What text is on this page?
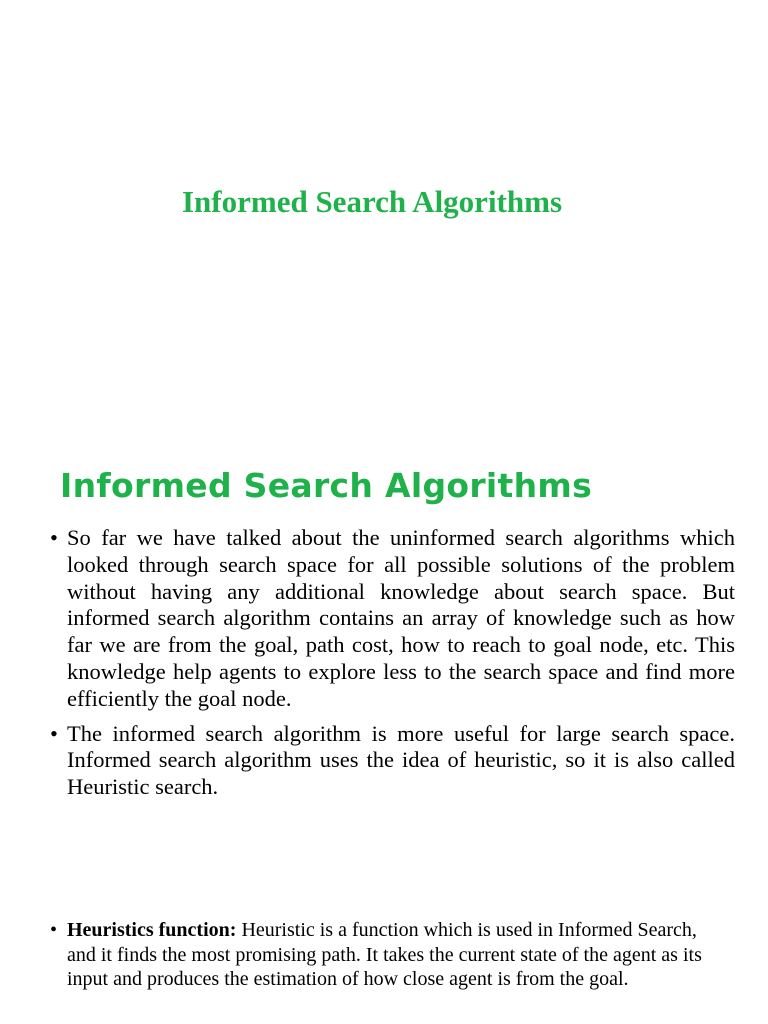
Informed Search Algorithms
Informed Search Algorithms
• So far we have talked about the uninformed search algorithms which looked through search space for all possible solutions of the problem without having any additional knowledge about search space. But informed search algorithm contains an array of knowledge such as how far we are from the goal, path cost, how to reach to goal node, etc. This knowledge help agents to explore less to the search space and find more efficiently the goal node.
• The informed search algorithm is more useful for large search space. Informed search algorithm uses the idea of heuristic, so it is also called Heuristic search.
• Heuristics function: Heuristic is a function which is used in Informed Search, and it finds the most promising path. It takes the current state of the agent as its input and produces the estimation of how close agent is from the goal.
